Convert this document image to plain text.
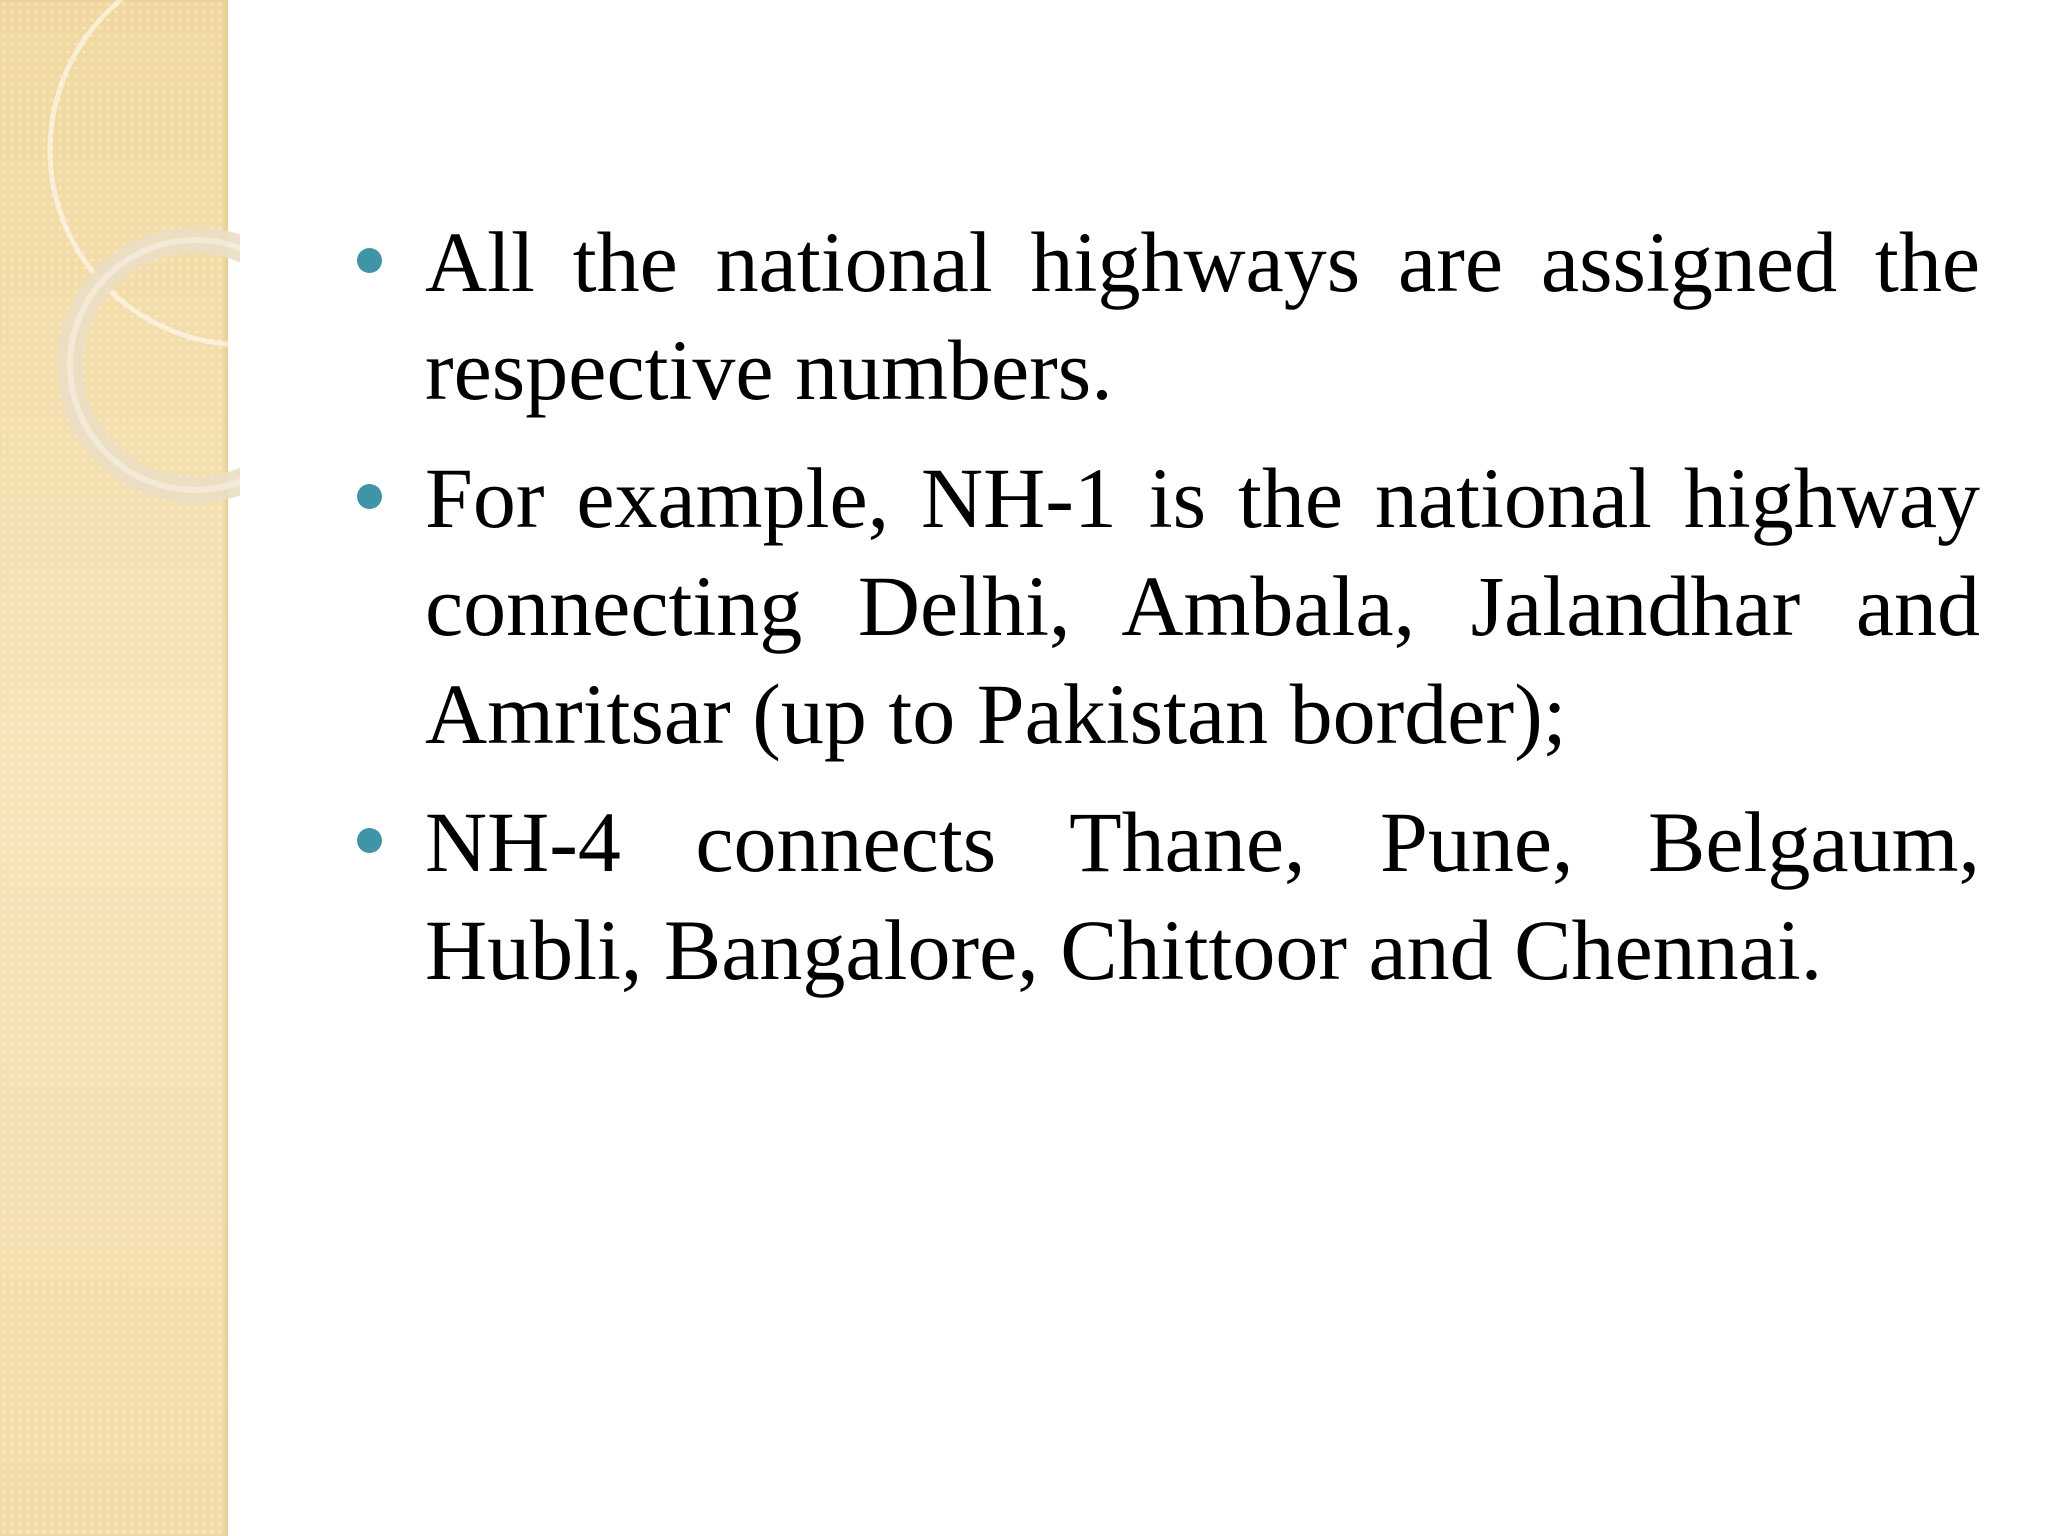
All the national highways are assigned the respective numbers.
For example, NH-1 is the national highway connecting Delhi, Ambala, Jalandhar and Amritsar (up to Pakistan border);
NH-4 connects Thane, Pune, Belgaum, Hubli, Bangalore, Chittoor and Chennai.
